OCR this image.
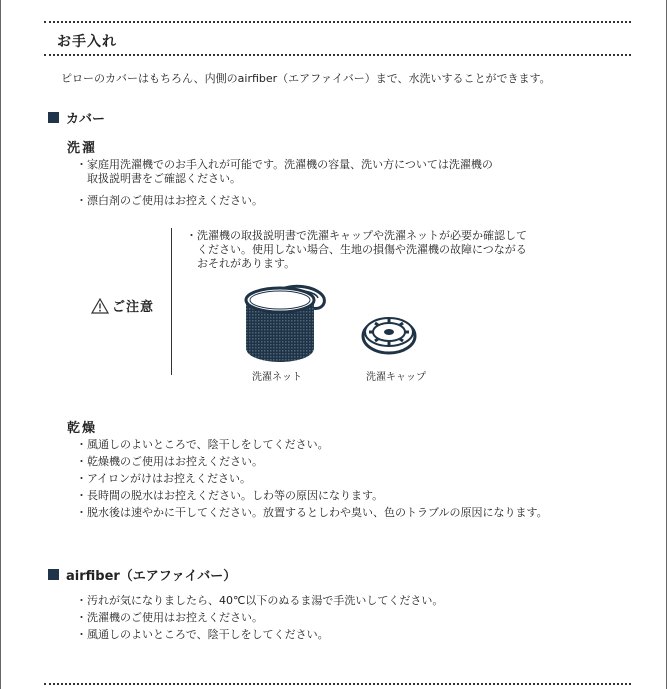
お手入れ
ピローのカバーはもちろん、内側のairfiber（エアファイバー）まで、水洗いすることができます。
カバー
洗濯
・家庭用洗濯機でのお手入れが可能です。洗濯機の容量、洗い方については洗濯機の
　取扱説明書をご確認ください。
・漂白剤のご使用はお控えください。
ご注意
・洗濯機の取扱説明書で洗濯キャップや洗濯ネットが必要か確認して
　ください。使用しない場合、生地の損傷や洗濯機の故障につながる
　おそれがあります。
洗濯ネット	洗濯キャップ
乾燥
・風通しのよいところで、陰干しをしてください。
・乾燥機のご使用はお控えください。
・アイロンがけはお控えください。
・長時間の脱水はお控えください。しわ等の原因になります。
・脱水後は速やかに干してください。放置するとしわや臭い、色のトラブルの原因になります。
airfiber（エアファイバー）
・汚れが気になりましたら、40℃以下のぬるま湯で手洗いしてください。
・洗濯機のご使用はお控えください。
・風通しのよいところで、陰干しをしてください。
